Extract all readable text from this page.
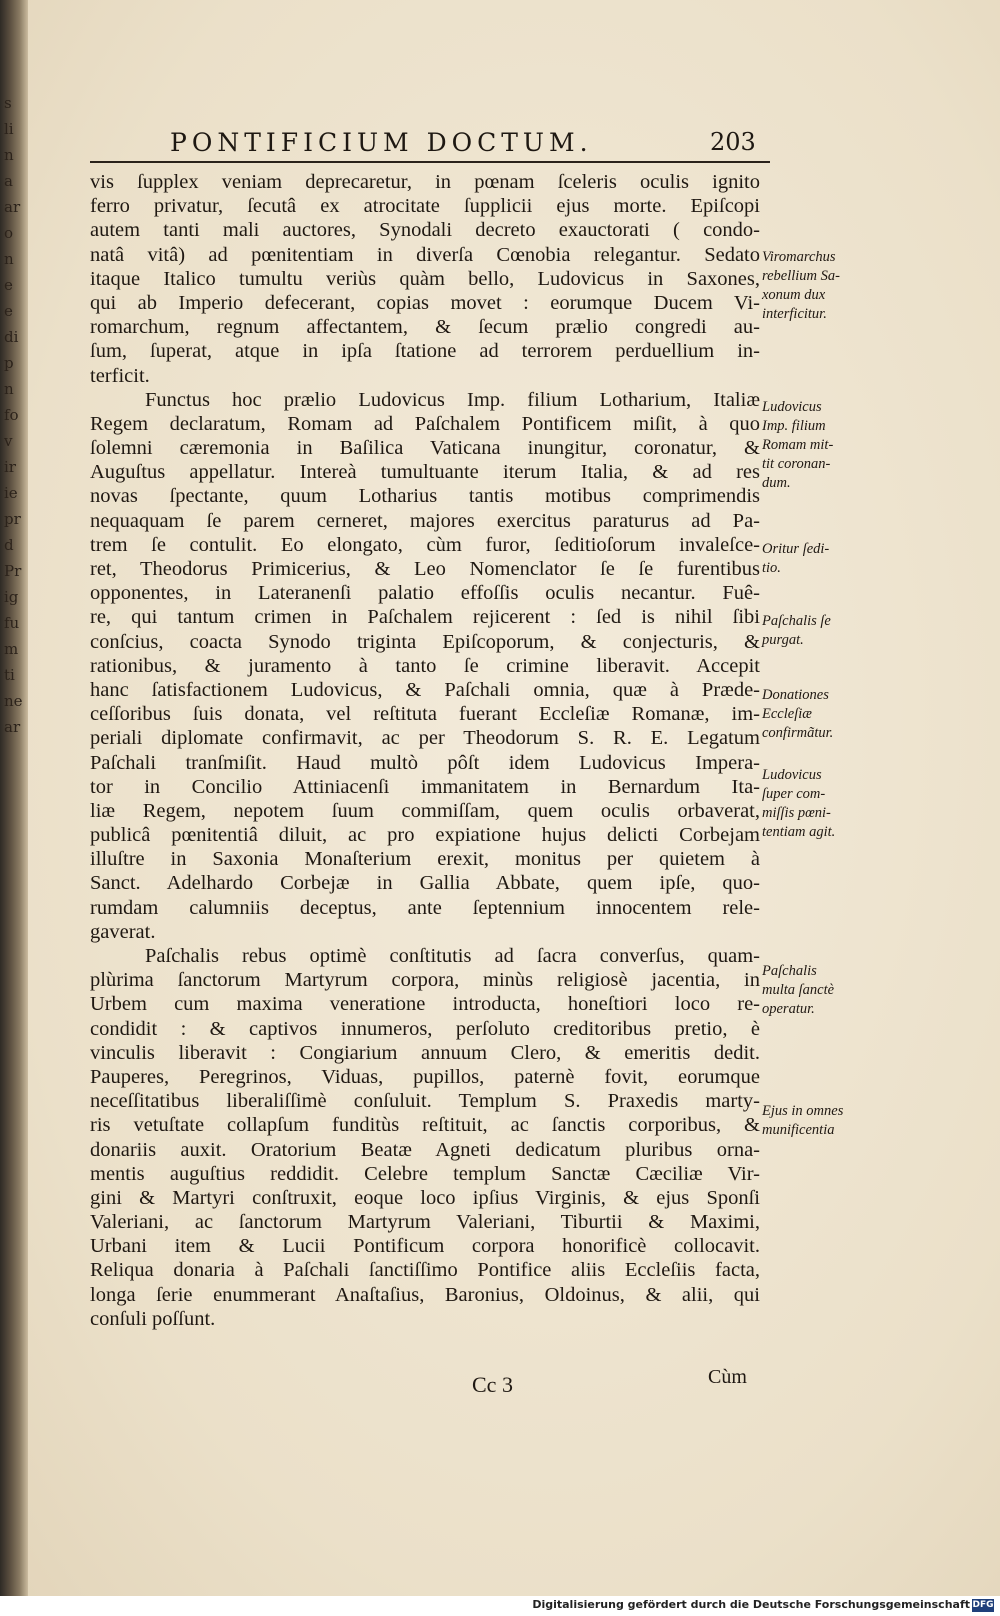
s
li
n
a
ar
o
n
e
e
di
p
n
fo
v
ir
ie
pr
d
Pr
ig
fu
m
ti
ne
ar
PONTIFICIUM DOCTUM.	203
vis ſupplex veniam deprecaretur, in pœnam ſceleris oculis ignito
ferro privatur, ſecutâ ex atrocitate ſupplicii ejus morte. Epiſcopi
autem tanti mali auctores, Synodali decreto exauctorati ( condo-
natâ vitâ) ad pœnitentiam in diverſa Cœnobia relegantur. Sedato
itaque Italico tumultu veriùs quàm bello, Ludovicus in Saxones,
qui ab Imperio defecerant, copias movet : eorumque Ducem Vi-
romarchum, regnum affectantem, & ſecum prælio congredi au-
ſum, ſuperat, atque in ipſa ſtatione ad terrorem perduellium in-
terficit.
Functus hoc prælio Ludovicus Imp. filium Lotharium, Italiæ
Regem declaratum, Romam ad Paſchalem Pontificem miſit, à quo
ſolemni cæremonia in Baſilica Vaticana inungitur, coronatur, &
Auguſtus appellatur. Intereà tumultuante iterum Italia, & ad res
novas ſpectante, quum Lotharius tantis motibus comprimendis
nequaquam ſe parem cerneret, majores exercitus paraturus ad Pa-
trem ſe contulit. Eo elongato, cùm furor, ſeditioſorum invaleſce-
ret, Theodorus Primicerius, & Leo Nomenclator ſe ſe furentibus
opponentes, in Lateranenſi palatio effoſſis oculis necantur. Fuê-
re, qui tantum crimen in Paſchalem rejicerent : ſed is nihil ſibi
conſcius, coacta Synodo triginta Epiſcoporum, & conjecturis, &
rationibus, & juramento à tanto ſe crimine liberavit. Accepit
hanc ſatisfactionem Ludovicus, & Paſchali omnia, quæ à Præde-
ceſſoribus ſuis donata, vel reſtituta fuerant Eccleſiæ Romanæ, im-
periali diplomate confirmavit, ac per Theodorum S. R. E. Legatum
Paſchali tranſmiſit. Haud multò pôſt idem Ludovicus Impera-
tor in Concilio Attiniacenſi immanitatem in Bernardum Ita-
liæ Regem, nepotem ſuum commiſſam, quem oculis orbaverat,
publicâ pœnitentiâ diluit, ac pro expiatione hujus delicti Corbejam
illuſtre in Saxonia Monaſterium erexit, monitus per quietem à
Sanct. Adelhardo Corbejæ in Gallia Abbate, quem ipſe, quo-
rumdam calumniis deceptus, ante ſeptennium innocentem rele-
gaverat.
Paſchalis rebus optimè conſtitutis ad ſacra converſus, quam-
plùrima ſanctorum Martyrum corpora, minùs religiosè jacentia, in
Urbem cum maxima veneratione introducta, honeſtiori loco re-
condidit : & captivos innumeros, perſoluto creditoribus pretio, è
vinculis liberavit : Congiarium annuum Clero, & emeritis dedit.
Pauperes, Peregrinos, Viduas, pupillos, paternè fovit, eorumque
neceſſitatibus liberaliſſimè conſuluit. Templum S. Praxedis marty-
ris vetuſtate collapſum funditùs reſtituit, ac ſanctis corporibus, &
donariis auxit. Oratorium Beatæ Agneti dedicatum pluribus orna-
mentis auguſtius reddidit. Celebre templum Sanctæ Cæciliæ Vir-
gini & Martyri conſtruxit, eoque loco ipſius Virginis, & ejus Sponſi
Valeriani, ac ſanctorum Martyrum Valeriani, Tiburtii & Maximi,
Urbani item & Lucii Pontificum corpora honorificè collocavit.
Reliqua donaria à Paſchali ſanctiſſimo Pontifice aliis Eccleſiis facta,
longa ſerie enummerant Anaſtaſius, Baronius, Oldoinus, & alii, qui
conſuli poſſunt.
Viromarchus
rebellium Sa-
xonum dux
interficitur.
Ludovicus
Imp. filium
Romam mit-
tit coronan-
dum.
Oritur ſedi-
tio.
Paſchalis ſe
purgat.
Donationes
Eccleſiæ
confirmãtur.
Ludovicus
ſuper com-
miſſis pœni-
tentiam agit.
Paſchalis
multa ſanctè
operatur.
Ejus in omnes
munificentia
Cc 3	Cùm
Digitalisierung gefördert durch die Deutsche Forschungsgemeinschaft DFG
